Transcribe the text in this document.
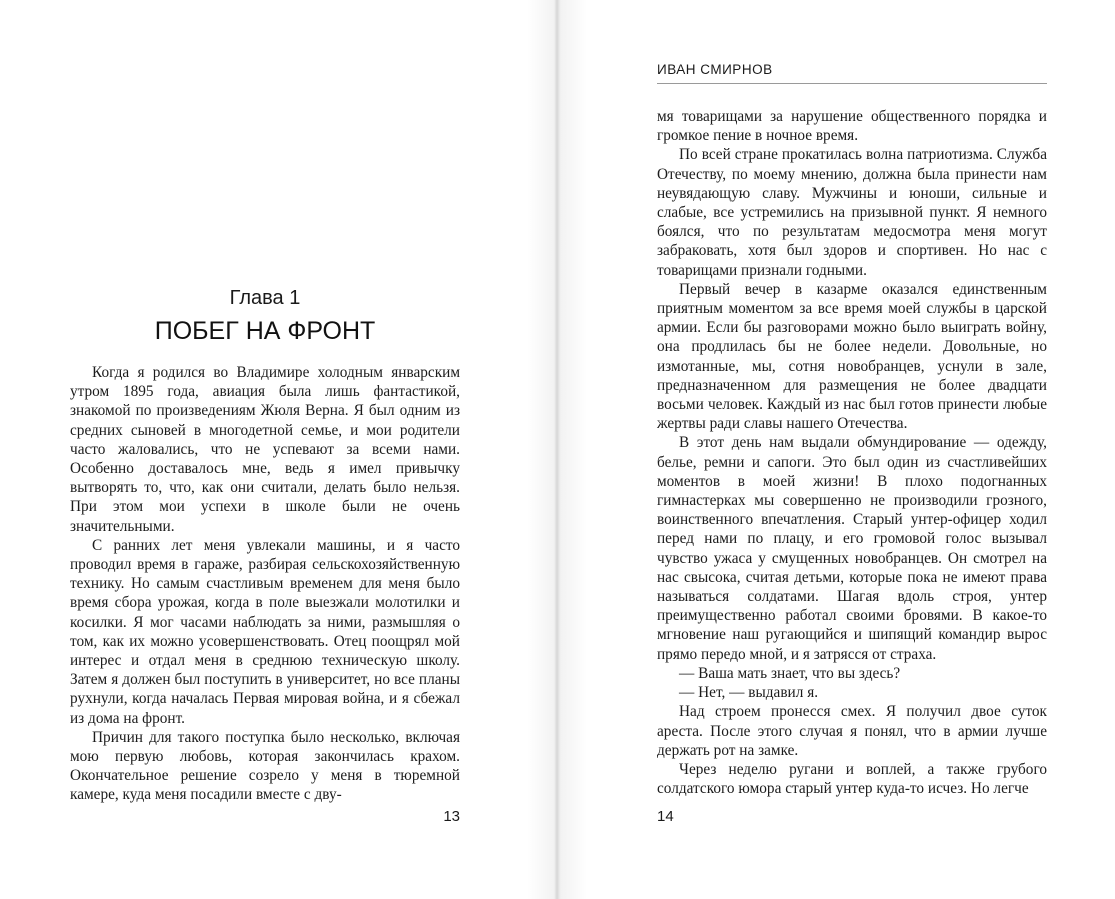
Глава 1
ПОБЕГ НА ФРОНТ

Когда я родился во Владимире холодным январским утром 1895 года, авиация была лишь фантастикой, знакомой по произведениям Жюля Верна. Я был одним из средних сыновей в многодетной семье, и мои родители часто жаловались, что не успевают за всеми нами. Особенно доставалось мне, ведь я имел привычку вытворять то, что, как они считали, делать было нельзя. При этом мои успехи в школе были не очень значительными.

С ранних лет меня увлекали машины, и я часто проводил время в гараже, разбирая сельскохозяйственную технику. Но самым счастливым временем для меня было время сбора урожая, когда в поле выезжали молотилки и косилки. Я мог часами наблюдать за ними, размышляя о том, как их можно усовершенствовать. Отец поощрял мой интерес и отдал меня в среднюю техническую школу. Затем я должен был поступить в университет, но все планы рухнули, когда началась Первая мировая война, и я сбежал из дома на фронт.

Причин для такого поступка было несколько, включая мою первую любовь, которая закончилась крахом. Окончательное решение созрело у меня в тюремной камере, куда меня посадили вместе с дву-

13
ИВАН СМИРНОВ

мя товарищами за нарушение общественного порядка и громкое пение в ночное время.

По всей стране прокатилась волна патриотизма. Служба Отечеству, по моему мнению, должна была принести нам неувядающую славу. Мужчины и юноши, сильные и слабые, все устремились на призывной пункт. Я немного боялся, что по результатам медосмотра меня могут забраковать, хотя был здоров и спортивен. Но нас с товарищами признали годными.

Первый вечер в казарме оказался единственным приятным моментом за все время моей службы в царской армии. Если бы разговорами можно было выиграть войну, она продлилась бы не более недели. Довольные, но измотанные, мы, сотня новобранцев, уснули в зале, предназначенном для размещения не более двадцати восьми человек. Каждый из нас был готов принести любые жертвы ради славы нашего Отечества.

В этот день нам выдали обмундирование — одежду, белье, ремни и сапоги. Это был один из счастливейших моментов в моей жизни! В плохо подогнанных гимнастерках мы совершенно не производили грозного, воинственного впечатления. Старый унтер-офицер ходил перед нами по плацу, и его громовой голос вызывал чувство ужаса у смущенных новобранцев. Он смотрел на нас свысока, считая детьми, которые пока не имеют права называться солдатами. Шагая вдоль строя, унтер преимущественно работал своими бровями. В какое-то мгновение наш ругающийся и шипящий командир вырос прямо передо мной, и я затрясся от страха.

— Ваша мать знает, что вы здесь?

— Нет, — выдавил я.

Над строем пронесся смех. Я получил двое суток ареста. После этого случая я понял, что в армии лучше держать рот на замке.

Через неделю ругани и воплей, а также грубого солдатского юмора старый унтер куда-то исчез. Но легче

14
